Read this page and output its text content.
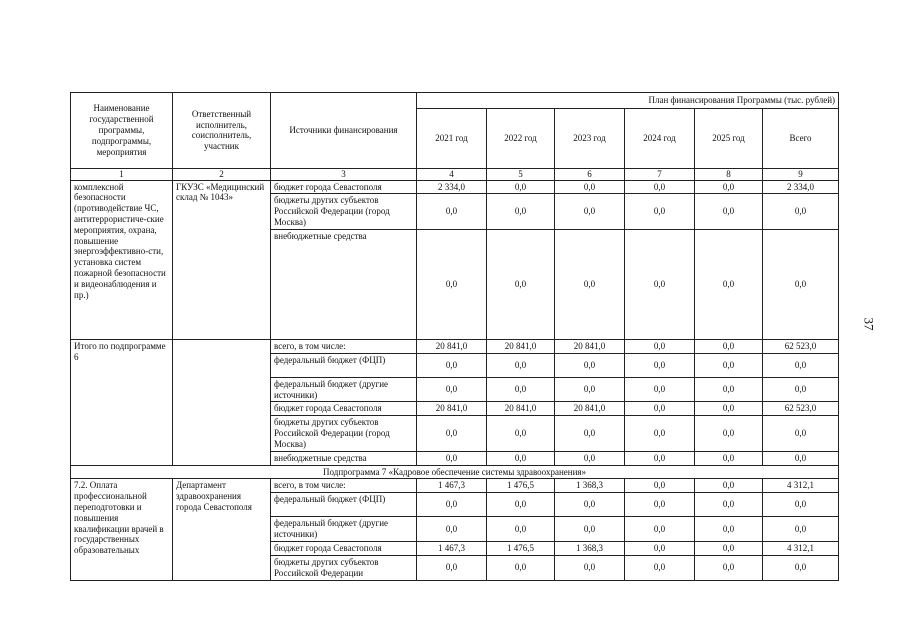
37
Наименование государственной программы, подпрограммы, мероприятия	Ответственный исполнитель, соисполнитель, участник	Источники финансирования	План финансирования Программы (тыс. рублей)					
			2021 год	2022 год	2023 год	2024 год	2025 год	Всего
1	2	3	4	5	6	7	8	9
комплексной безопасности (противодействие ЧС, антитеррористиче-ские мероприятия, охрана, повышение энергоэффективно-сти, установка систем пожарной безопасности и видеонаблюдения и пр.)	ГКУЗС «Медицинский склад № 1043»	бюджет города Севастополя	2 334,0	0,0	0,0	0,0	0,0	2 334,0
		бюджеты других субъектов Российской Федерации (город Москва)	0,0	0,0	0,0	0,0	0,0	0,0
		внебюджетные средства	0,0	0,0	0,0	0,0	0,0	0,0
Итого по подпрограмме 6		всего, в том числе:	20 841,0	20 841,0	20 841,0	0,0	0,0	62 523,0
		федеральный бюджет (ФЦП)	0,0	0,0	0,0	0,0	0,0	0,0
		федеральный бюджет (другие источники)	0,0	0,0	0,0	0,0	0,0	0,0
		бюджет города Севастополя	20 841,0	20 841,0	20 841,0	0,0	0,0	62 523,0
		бюджеты других субъектов Российской Федерации (город Москва)	0,0	0,0	0,0	0,0	0,0	0,0
		внебюджетные средства	0,0	0,0	0,0	0,0	0,0	0,0
Подпрограмма 7 «Кадровое обеспечение системы здравоохранения»								
7.2. Оплата профессиональной переподготовки и повышения квалификации врачей в государственных образовательных	Департамент здравоохранения города Севастополя	всего, в том числе:	1 467,3	1 476,5	1 368,3	0,0	0,0	4 312,1
		федеральный бюджет (ФЦП)	0,0	0,0	0,0	0,0	0,0	0,0
		федеральный бюджет (другие источники)	0,0	0,0	0,0	0,0	0,0	0,0
		бюджет города Севастополя	1 467,3	1 476,5	1 368,3	0,0	0,0	4 312,1
		бюджеты других субъектов Российской Федерации	0,0	0,0	0,0	0,0	0,0	0,0
